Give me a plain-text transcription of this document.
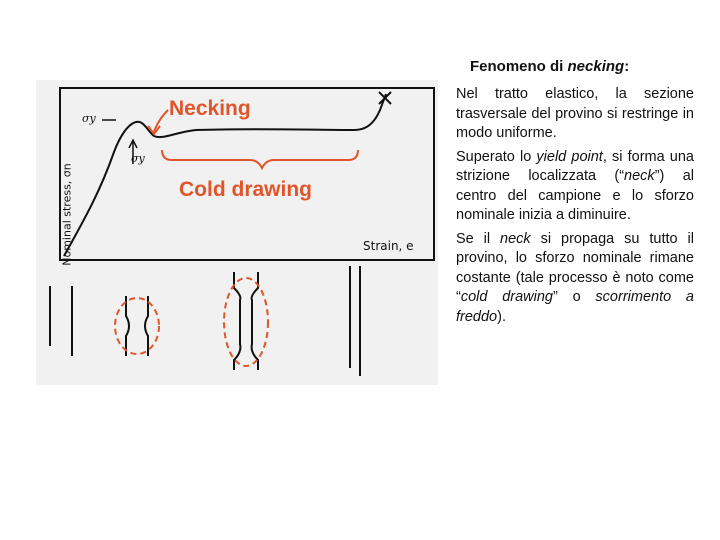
Necking

Cold drawing

Nominal stress, σn	Strain, e

σy

σy

Fenomeno di necking:

Nel tratto elastico, la sezione trasversale del provino si restringe in modo uniforme.

Superato lo yield point, si forma una strizione localizzata (“neck”) al centro del campione e lo sforzo nominale inizia a diminuire.

Se il neck si propaga su tutto il provino, lo sforzo nominale rimane costante (tale processo è noto come “cold drawing” o scorrimento a freddo).
